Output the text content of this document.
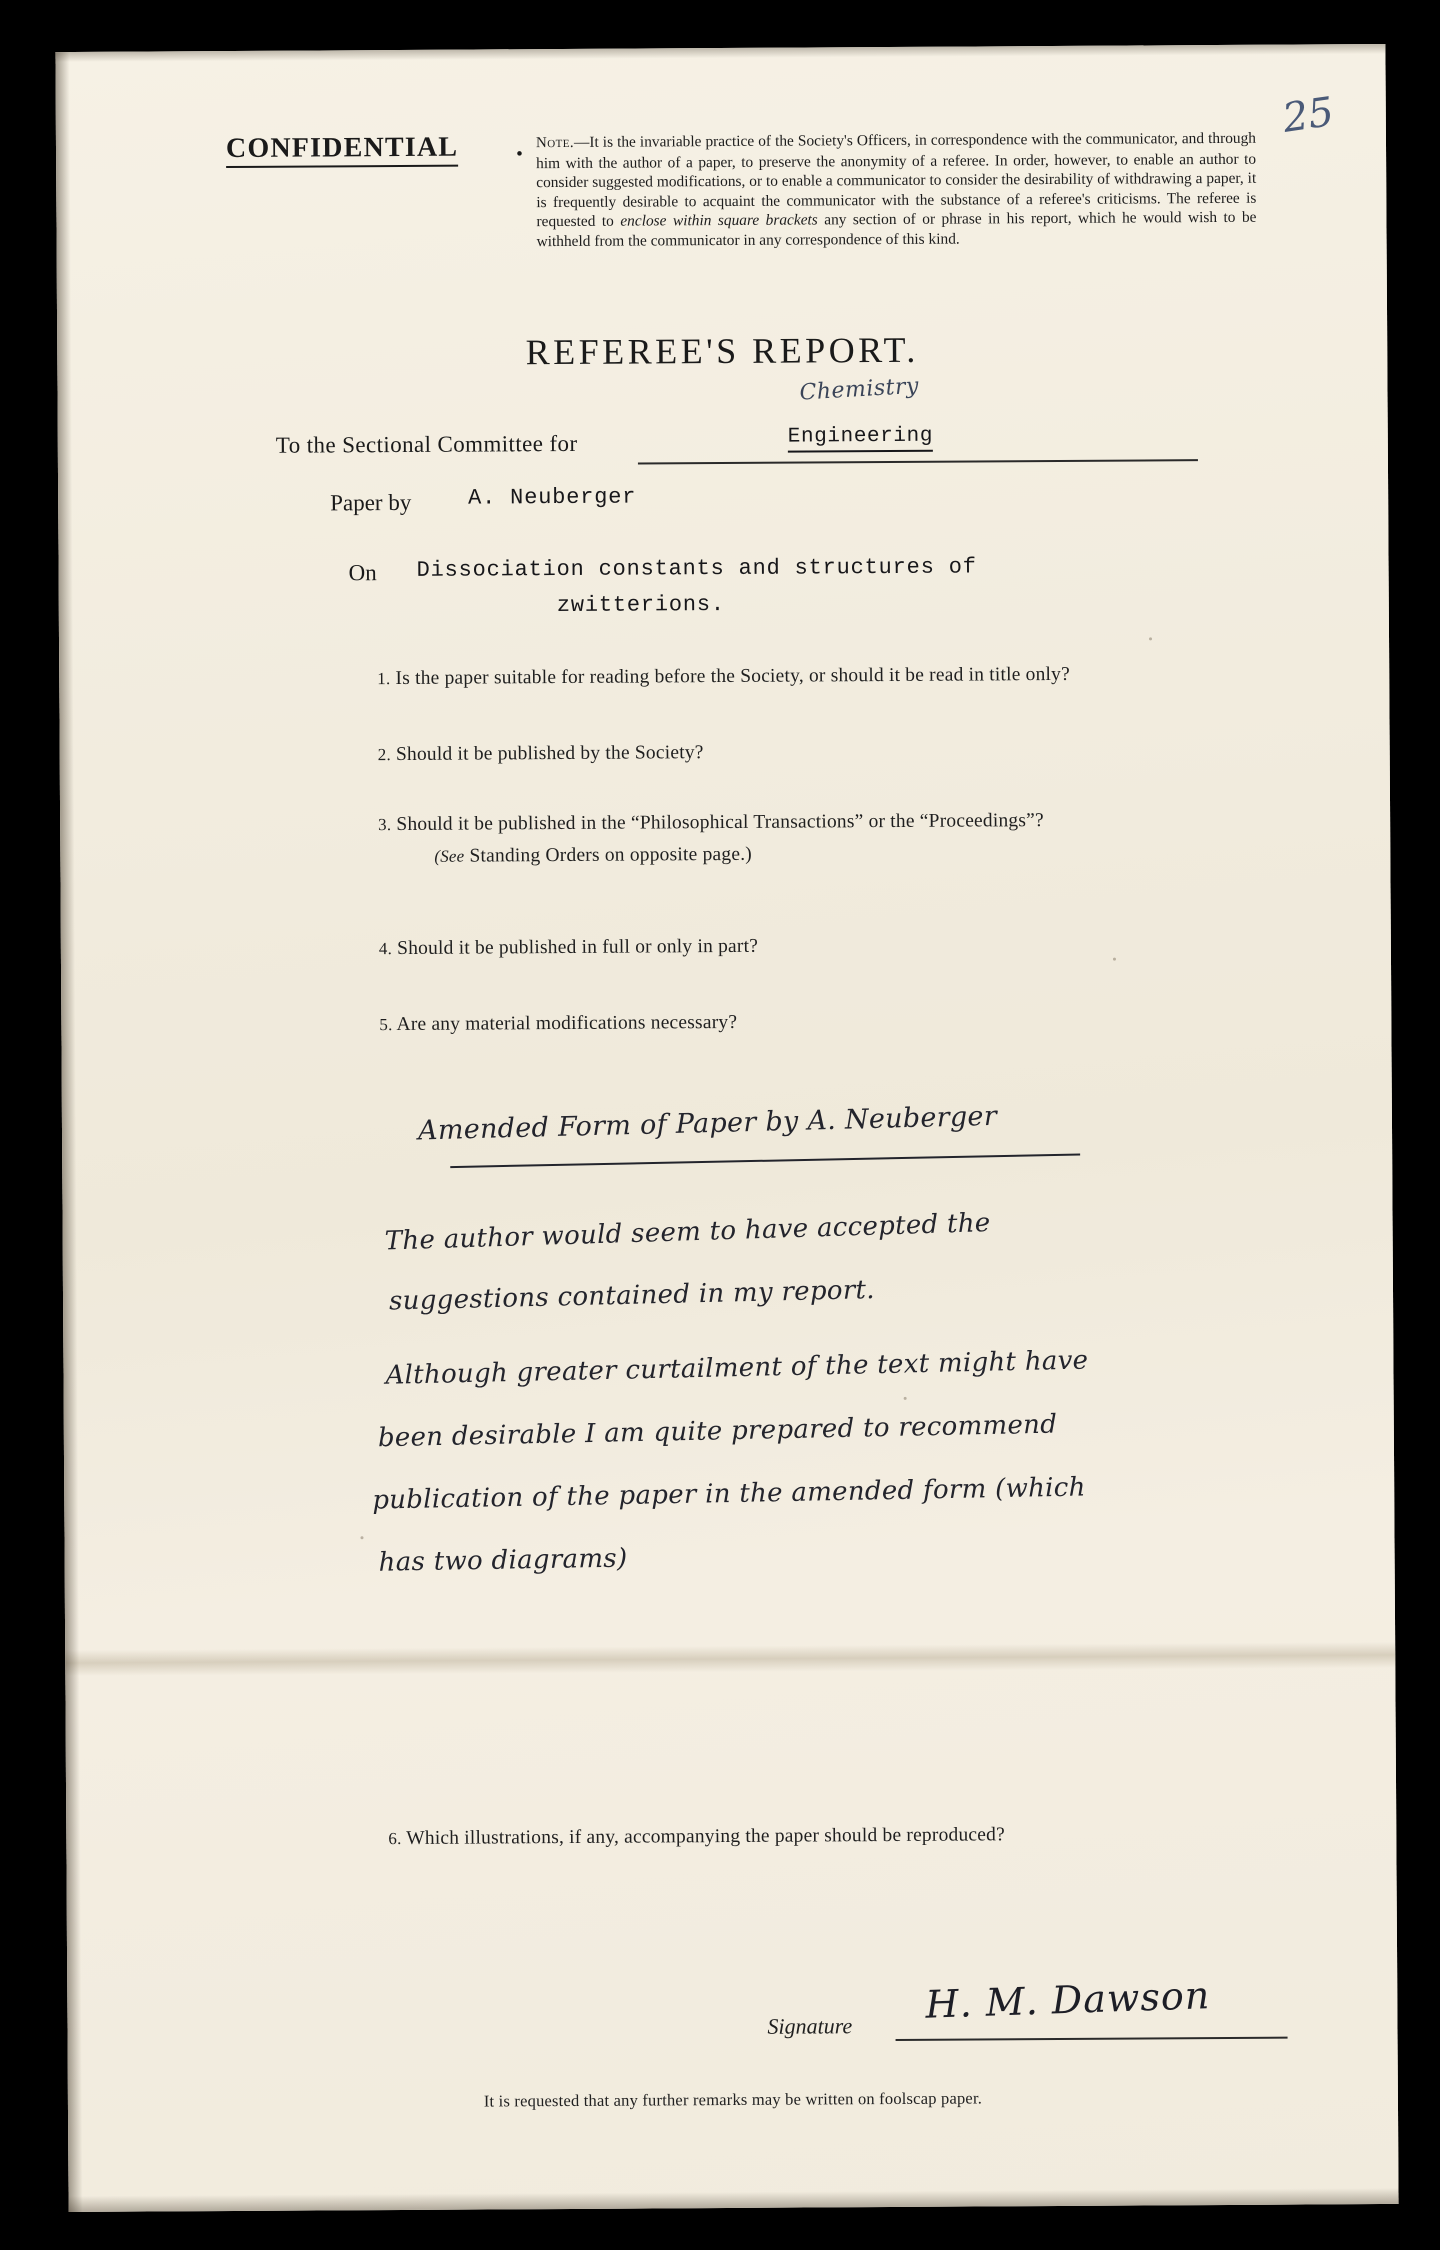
25
CONFIDENTIAL . Note.—It is the invariable practice of the Society's Officers, in correspondence with the communicator, and through him with the author of a paper, to preserve the anonymity of a referee. In order, however, to enable an author to consider suggested modifications, or to enable a communicator to consider the desirability of withdrawing a paper, it is frequently desirable to acquaint the communicator with the substance of a referee's criticisms. The referee is requested to enclose within square brackets any section of or phrase in his report, which he would wish to be withheld from the communicator in any correspondence of this kind.
REFEREE'S REPORT.
To the Sectional Committee for	Engineering
Chemistry
Paper by	A. Neuberger
On Dissociation constants and structures of
zwitterions.
1. Is the paper suitable for reading before the Society, or should it be read in title only?
2. Should it be published by the Society?
3. Should it be published in the “Philosophical Transactions” or the “Proceedings”?
(See Standing Orders on opposite page.)
4. Should it be published in full or only in part?
5. Are any material modifications necessary?
Amended Form of Paper by A. Neuberger
The author would seem to have accepted the
suggestions contained in my report.
Although greater curtailment of the text might have
been desirable I am quite prepared to recommend
publication of the paper in the amended form (which
has two diagrams)
6. Which illustrations, if any, accompanying the paper should be reproduced?
Signature H. M. Dawson
It is requested that any further remarks may be written on foolscap paper.
